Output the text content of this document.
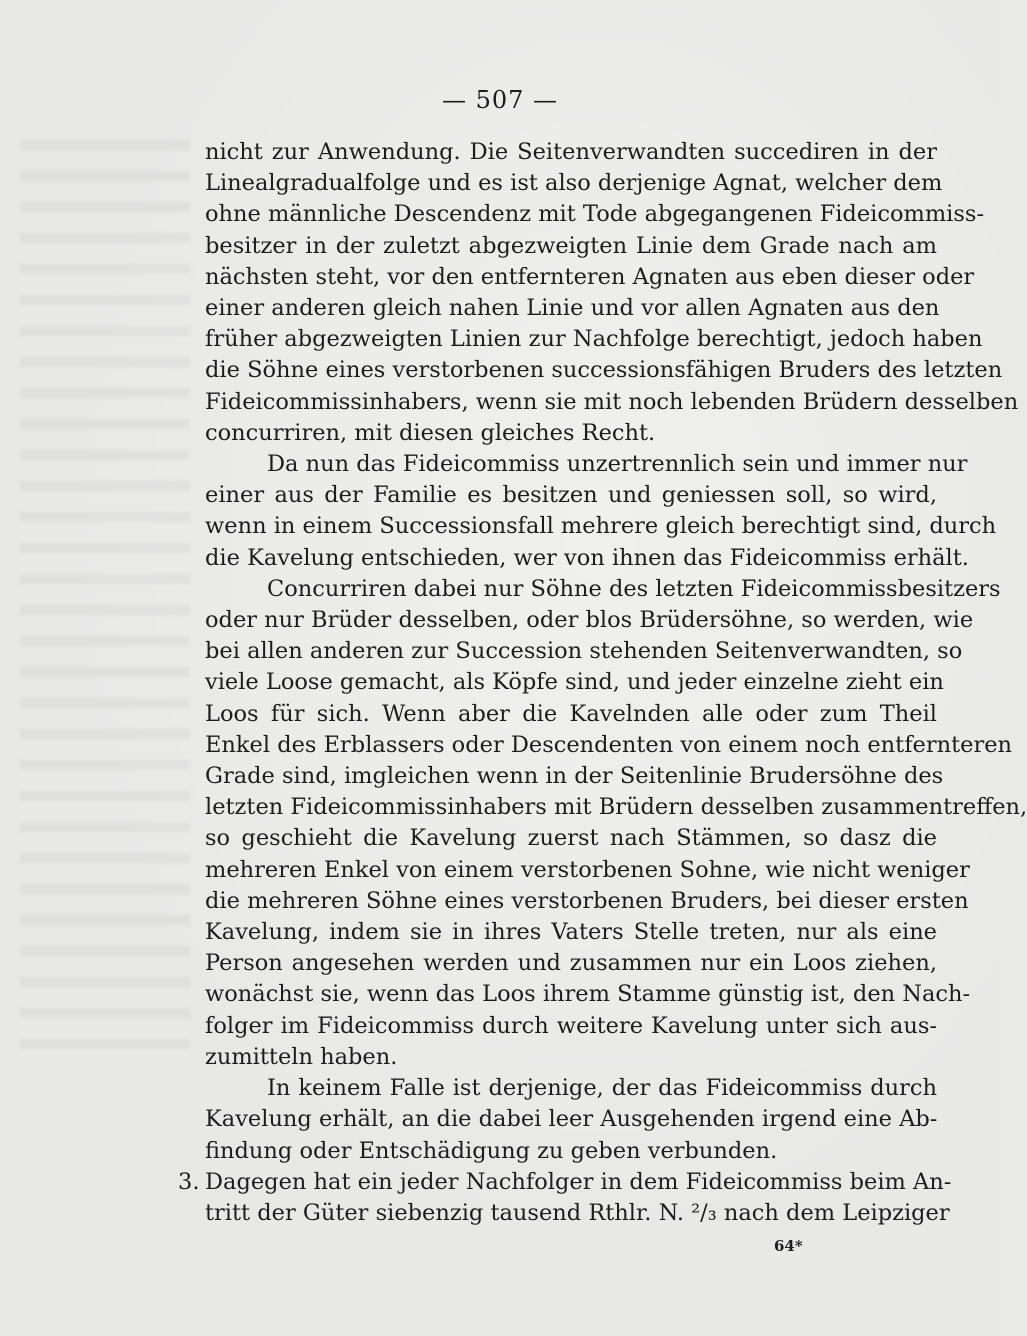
— 507 —
nicht zur Anwendung. Die Seitenverwandten succediren in der
Linealgradualfolge und es ist also derjenige Agnat, welcher dem
ohne männliche Descendenz mit Tode abgegangenen Fideicommiss-
besitzer in der zuletzt abgezweigten Linie dem Grade nach am
nächsten steht, vor den entfernteren Agnaten aus eben dieser oder
einer anderen gleich nahen Linie und vor allen Agnaten aus den
früher abgezweigten Linien zur Nachfolge berechtigt, jedoch haben
die Söhne eines verstorbenen successionsfähigen Bruders des letzten
Fideicommissinhabers, wenn sie mit noch lebenden Brüdern desselben
concurriren, mit diesen gleiches Recht.
Da nun das Fideicommiss unzertrennlich sein und immer nur
einer aus der Familie es besitzen und geniessen soll, so wird,
wenn in einem Successionsfall mehrere gleich berechtigt sind, durch
die Kavelung entschieden, wer von ihnen das Fideicommiss erhält.
Concurriren dabei nur Söhne des letzten Fideicommissbesitzers
oder nur Brüder desselben, oder blos Brüdersöhne, so werden, wie
bei allen anderen zur Succession stehenden Seitenverwandten, so
viele Loose gemacht, als Köpfe sind, und jeder einzelne zieht ein
Loos für sich. Wenn aber die Kavelnden alle oder zum Theil
Enkel des Erblassers oder Descendenten von einem noch entfernteren
Grade sind, imgleichen wenn in der Seitenlinie Brudersöhne des
letzten Fideicommissinhabers mit Brüdern desselben zusammentreffen,
so geschieht die Kavelung zuerst nach Stämmen, so dasz die
mehreren Enkel von einem verstorbenen Sohne, wie nicht weniger
die mehreren Söhne eines verstorbenen Bruders, bei dieser ersten
Kavelung, indem sie in ihres Vaters Stelle treten, nur als eine
Person angesehen werden und zusammen nur ein Loos ziehen,
wonächst sie, wenn das Loos ihrem Stamme günstig ist, den Nach-
folger im Fideicommiss durch weitere Kavelung unter sich aus-
zumitteln haben.
In keinem Falle ist derjenige, der das Fideicommiss durch
Kavelung erhält, an die dabei leer Ausgehenden irgend eine Ab-
findung oder Entschädigung zu geben verbunden.
3. Dagegen hat ein jeder Nachfolger in dem Fideicommiss beim An-
tritt der Güter siebenzig tausend Rthlr. N. ²/₃ nach dem Leipziger
64*
